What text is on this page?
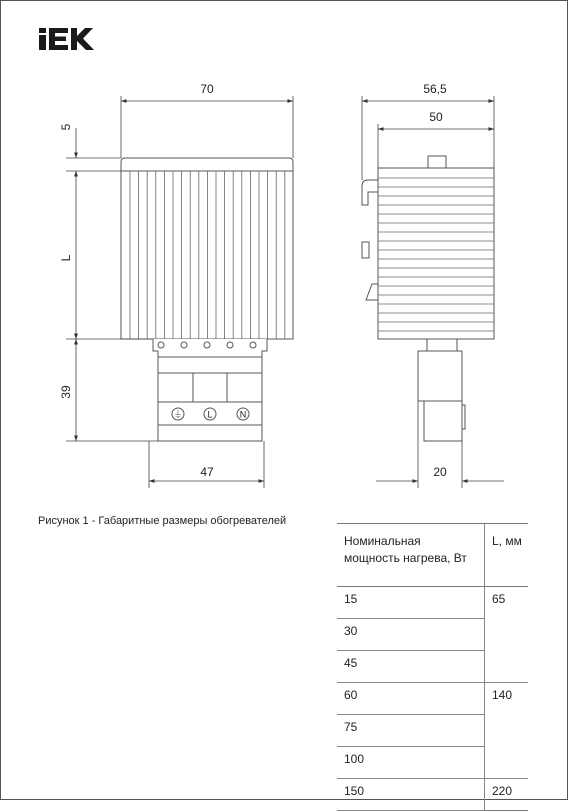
⏚	L	N
70
5
L
39
47
56,5
50
20
Рисунок 1 - Габаритные размеры обогревателей
Номинальная
мощность нагрева, Вт	L, мм
15	65
30	
45	
60	140
75	
100	
150	220
